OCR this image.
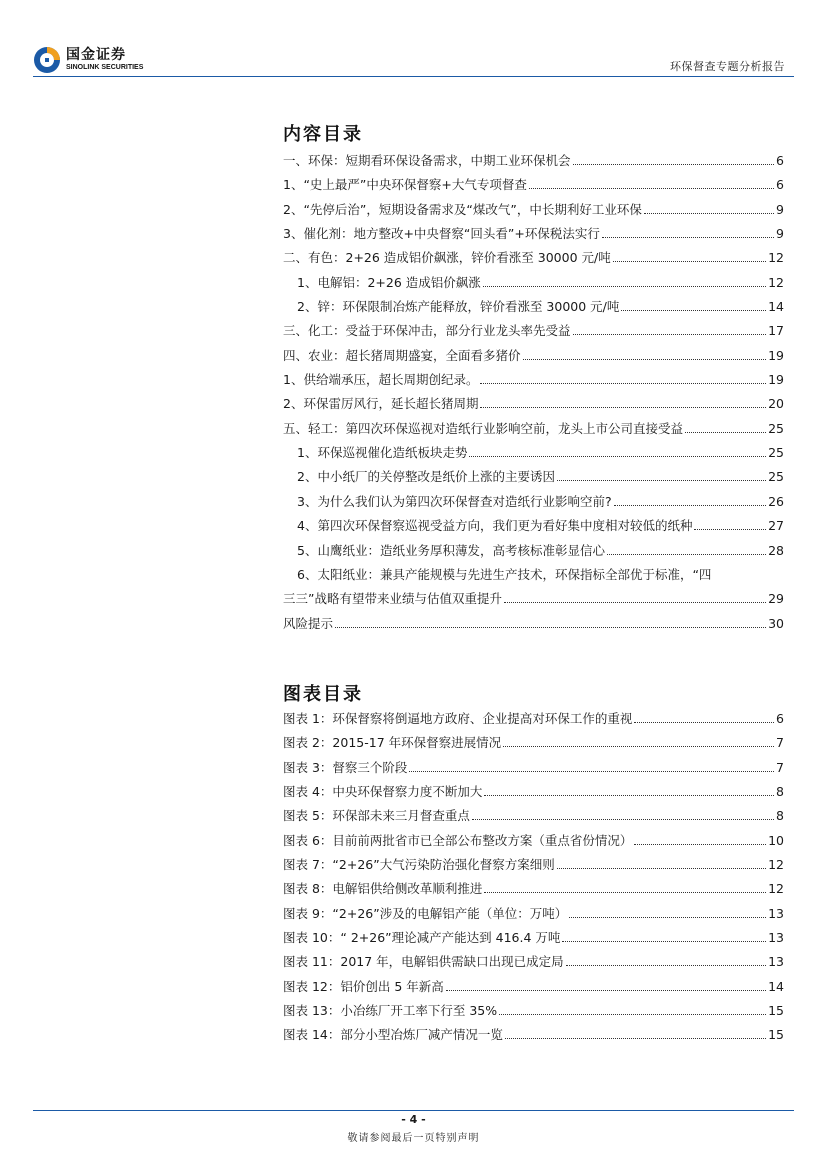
国金证券
SINOLINK SECURITIES	环保督查专题分析报告
内容目录
一、环保：短期看环保设备需求，中期工业环保机会	6
1、“史上最严”中央环保督察+大气专项督查	6
2、“先停后治”，短期设备需求及“煤改气”，中长期利好工业环保	9
3、催化剂：地方整改+中央督察“回头看”+环保税法实行	9
二、有色：2+26 造成铝价飙涨，锌价看涨至 30000 元/吨	12
1、电解铝：2+26 造成铝价飙涨	12
2、锌：环保限制冶炼产能释放，锌价看涨至 30000 元/吨	14
三、化工：受益于环保冲击，部分行业龙头率先受益	17
四、农业：超长猪周期盛宴，全面看多猪价	19
1、供给端承压，超长周期创纪录。	19
2、环保雷厉风行，延长超长猪周期	20
五、轻工：第四次环保巡视对造纸行业影响空前，龙头上市公司直接受益	25
1、环保巡视催化造纸板块走势	25
2、中小纸厂的关停整改是纸价上涨的主要诱因	25
3、为什么我们认为第四次环保督查对造纸行业影响空前?	26
4、第四次环保督察巡视受益方向，我们更为看好集中度相对较低的纸种	27
5、山鹰纸业：造纸业务厚积薄发，高考核标准彰显信心	28
6、太阳纸业：兼具产能规模与先进生产技术，环保指标全部优于标准，“四
三三”战略有望带来业绩与估值双重提升	29
风险提示	30
图表目录
图表 1：环保督察将倒逼地方政府、企业提高对环保工作的重视	6
图表 2：2015-17 年环保督察进展情况	7
图表 3：督察三个阶段	7
图表 4：中央环保督察力度不断加大	8
图表 5：环保部未来三月督查重点	8
图表 6：目前前两批省市已全部公布整改方案（重点省份情况）	10
图表 7：“2+26”大气污染防治强化督察方案细则	12
图表 8：电解铝供给侧改革顺利推进	12
图表 9：“2+26”涉及的电解铝产能（单位：万吨）	13
图表 10：“ 2+26”理论减产产能达到 416.4 万吨	13
图表 11：2017 年，电解铝供需缺口出现已成定局	13
图表 12：铝价创出 5 年新高	14
图表 13：小冶练厂开工率下行至 35%	15
图表 14：部分小型冶炼厂减产情况一览	15
- 4 -
敬请参阅最后一页特别声明
